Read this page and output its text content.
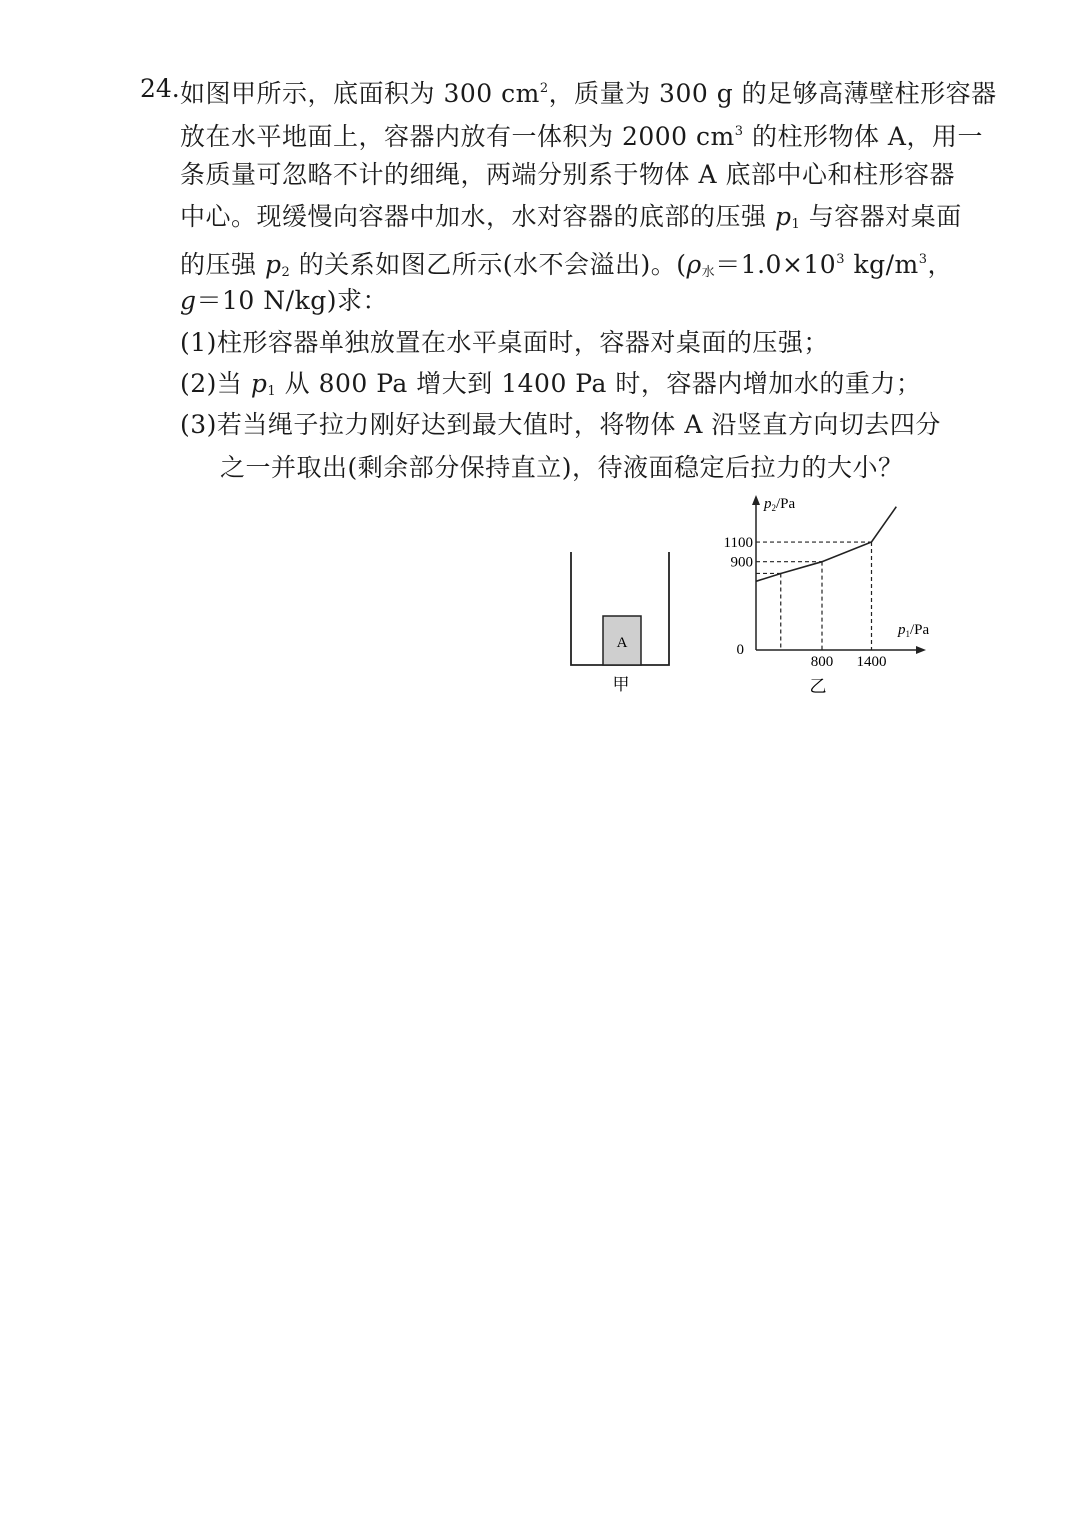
24. 如图甲所示，底面积为 300 $cm^2$，质量为 300 g 的足够高薄壁柱形容器
放在水平地面上，容器内放有一体积为 2000 $cm^3$ 的柱形物体 A，用一
条质量可忽略不计的细绳，两端分别系于物体 A 底部中心和柱形容器
中心。现缓慢向容器中加水，水对容器的底部的压强 $p_1$ 与容器对桌面
的压强 $p_2$ 的关系如图乙所示(水不会溢出)。($\rho_水=1.0\times 10^3$ $kg/m^3$，
g＝10 N/kg)求：
(1)柱形容器单独放置在水平桌面时，容器对桌面的压强；
(2)当 $p_1$ 从 800 Pa 增大到 1400 Pa 时，容器内增加水的重力；
(3)若当绳子拉力刚好达到最大值时，将物体 A 沿竖直方向切去四分
之一并取出(剩余部分保持直立)，待液面稳定后拉力的大小？
A
甲
$p_2/Pa$
$p_1/Pa$
0
1100
900
800 1400
乙
